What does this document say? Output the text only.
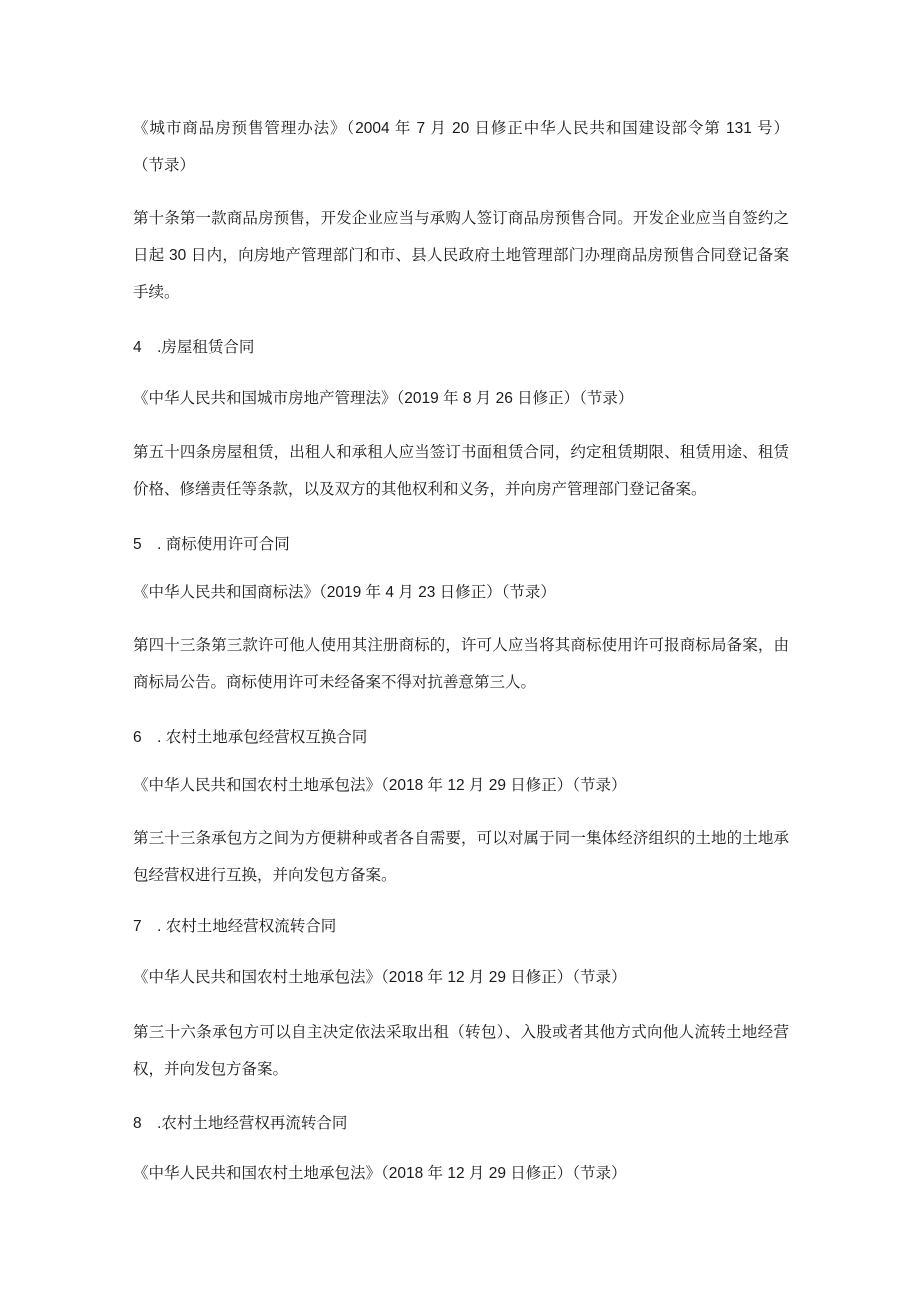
《城市商品房预售管理办法》（2004 年 7 月 20 日修正中华人民共和国建设部令第 131 号）
（节录）
第十条第一款商品房预售，开发企业应当与承购人签订商品房预售合同。开发企业应当自签约之
日起 30 日内，向房地产管理部门和市、县人民政府土地管理部门办理商品房预售合同登记备案
手续。
4　.房屋租赁合同
《中华人民共和国城市房地产管理法》（2019 年 8 月 26 日修正）（节录）
第五十四条房屋租赁，出租人和承租人应当签订书面租赁合同，约定租赁期限、租赁用途、租赁
价格、修缮责任等条款，以及双方的其他权利和义务，并向房产管理部门登记备案。
5　. 商标使用许可合同
《中华人民共和国商标法》（2019 年 4 月 23 日修正）（节录）
第四十三条第三款许可他人使用其注册商标的，许可人应当将其商标使用许可报商标局备案，由
商标局公告。商标使用许可未经备案不得对抗善意第三人。
6　. 农村土地承包经营权互换合同
《中华人民共和国农村土地承包法》（2018 年 12 月 29 日修正）（节录）
第三十三条承包方之间为方便耕种或者各自需要，可以对属于同一集体经济组织的土地的土地承
包经营权进行互换，并向发包方备案。
7　. 农村土地经营权流转合同
《中华人民共和国农村土地承包法》（2018 年 12 月 29 日修正）（节录）
第三十六条承包方可以自主决定依法采取出租（转包）、入股或者其他方式向他人流转土地经营
权，并向发包方备案。
8　.农村土地经营权再流转合同
《中华人民共和国农村土地承包法》（2018 年 12 月 29 日修正）（节录）
